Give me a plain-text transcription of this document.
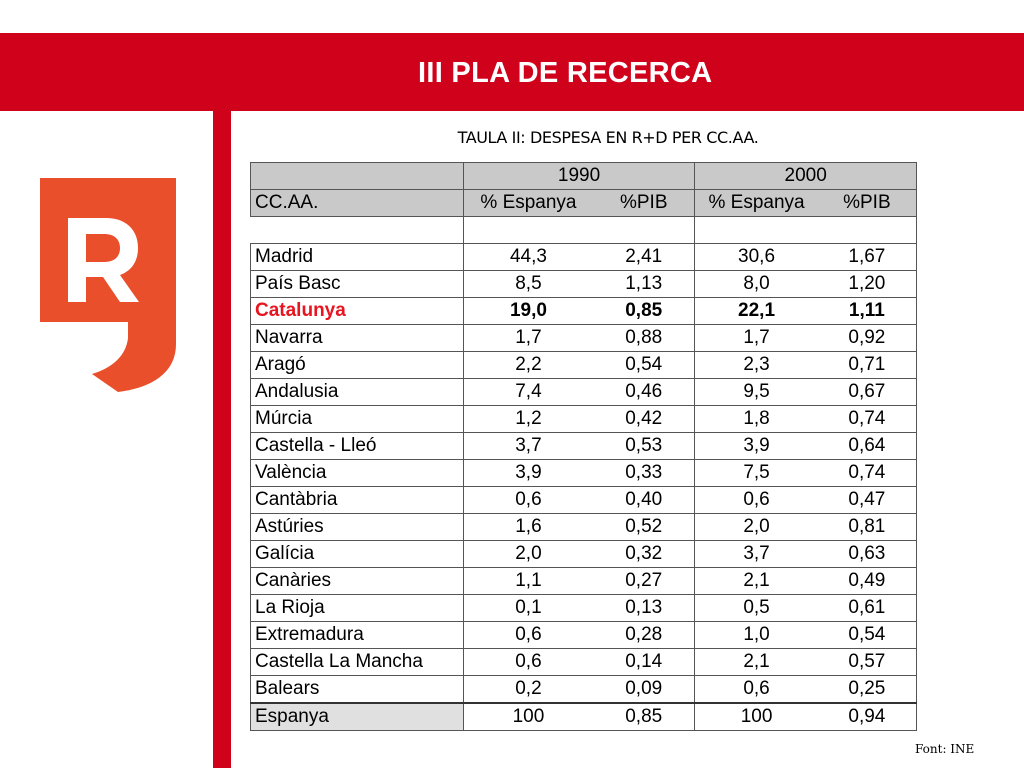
III PLA DE RECERCA
TAULA II: DESPESA EN R+D PER CC.AA.
	1990		2000	
CC.AA.	% Espanya	%PIB	% Espanya	%PIB

Madrid	44,3	2,41	30,6	1,67
País Basc	8,5	1,13	8,0	1,20
Catalunya	19,0	0,85	22,1	1,11
Navarra	1,7	0,88	1,7	0,92
Aragó	2,2	0,54	2,3	0,71
Andalusia	7,4	0,46	9,5	0,67
Múrcia	1,2	0,42	1,8	0,74
Castella - Lleó	3,7	0,53	3,9	0,64
València	3,9	0,33	7,5	0,74
Cantàbria	0,6	0,40	0,6	0,47
Astúries	1,6	0,52	2,0	0,81
Galícia	2,0	0,32	3,7	0,63
Canàries	1,1	0,27	2,1	0,49
La Rioja	0,1	0,13	0,5	0,61
Extremadura	0,6	0,28	1,0	0,54
Castella La Mancha	0,6	0,14	2,1	0,57
Balears	0,2	0,09	0,6	0,25
Espanya	100	0,85	100	0,94
Font: INE
